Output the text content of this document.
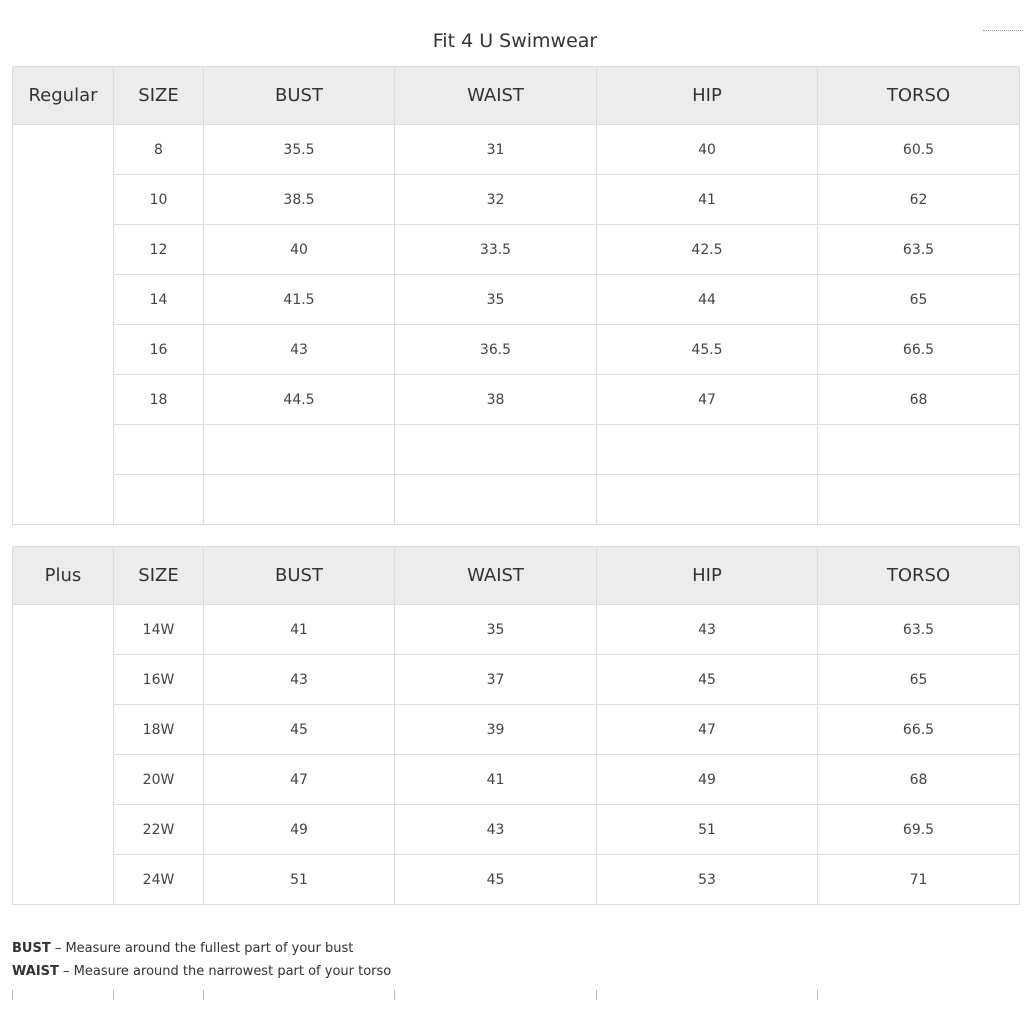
Fit 4 U Swimwear
Regular	SIZE	BUST	WAIST	HIP	TORSO
	8	35.5	31	40	60.5
	10	38.5	32	41	62
	12	40	33.5	42.5	63.5
	14	41.5	35	44	65
	16	43	36.5	45.5	66.5
	18	44.5	38	47	68

Plus	SIZE	BUST	WAIST	HIP	TORSO
	14W	41	35	43	63.5
	16W	43	37	45	65
	18W	45	39	47	66.5
	20W	47	41	49	68
	22W	49	43	51	69.5
	24W	51	45	53	71
BUST – Measure around the fullest part of your bust
WAIST – Measure around the narrowest part of your torso
